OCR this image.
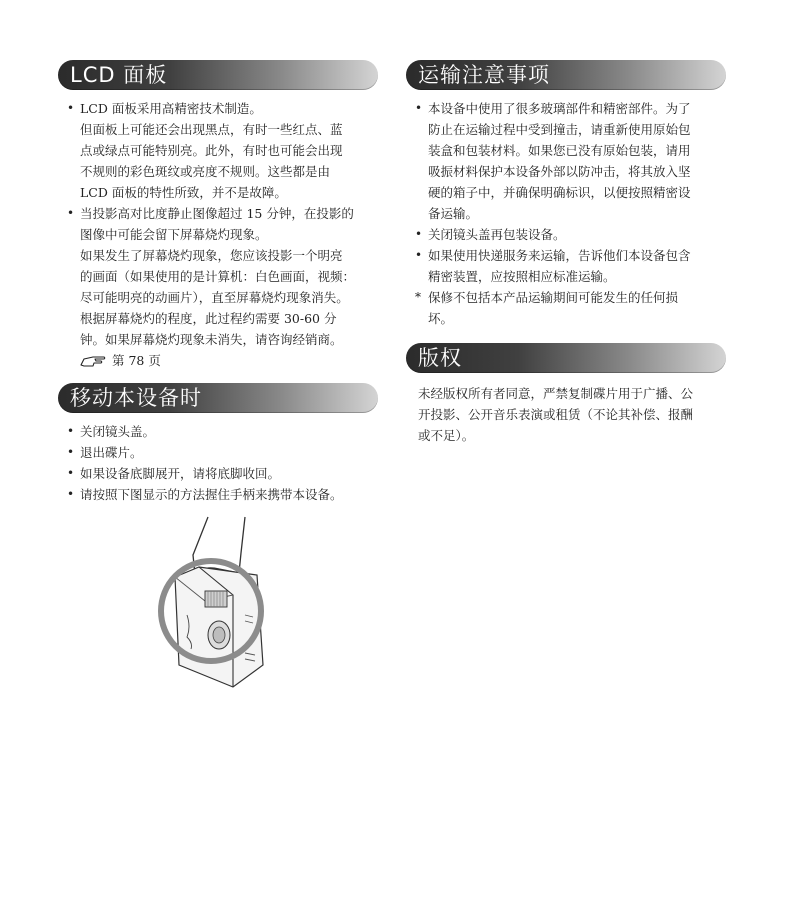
LCD 面板
• LCD 面板采用高精密技术制造。
但面板上可能还会出现黑点，有时一些红点、蓝
点或绿点可能特别亮。此外，有时也可能会出现
不规则的彩色斑纹或亮度不规则。这些都是由
LCD 面板的特性所致，并不是故障。
• 当投影高对比度静止图像超过 15 分钟，在投影的
图像中可能会留下屏幕烧灼现象。
如果发生了屏幕烧灼现象，您应该投影一个明亮
的画面（如果使用的是计算机：白色画面，视频：
尽可能明亮的动画片），直至屏幕烧灼现象消失。
根据屏幕烧灼的程度，此过程约需要 30-60 分
钟。如果屏幕烧灼现象未消失，请咨询经销商。
第 78 页
移动本设备时
• 关闭镜头盖。
• 退出碟片。
• 如果设备底脚展开，请将底脚收回。
• 请按照下图显示的方法握住手柄来携带本设备。
运输注意事项
• 本设备中使用了很多玻璃部件和精密部件。为了
防止在运输过程中受到撞击，请重新使用原始包
装盒和包装材料。如果您已没有原始包装，请用
吸振材料保护本设备外部以防冲击，将其放入坚
硬的箱子中，并确保明确标识，以便按照精密设
备运输。
• 关闭镜头盖再包装设备。
• 如果使用快递服务来运输，告诉他们本设备包含
精密装置，应按照相应标准运输。
* 保修不包括本产品运输期间可能发生的任何损
坏。
版权
未经版权所有者同意，严禁复制碟片用于广播、公
开投影、公开音乐表演或租赁（不论其补偿、报酬
或不足）。
